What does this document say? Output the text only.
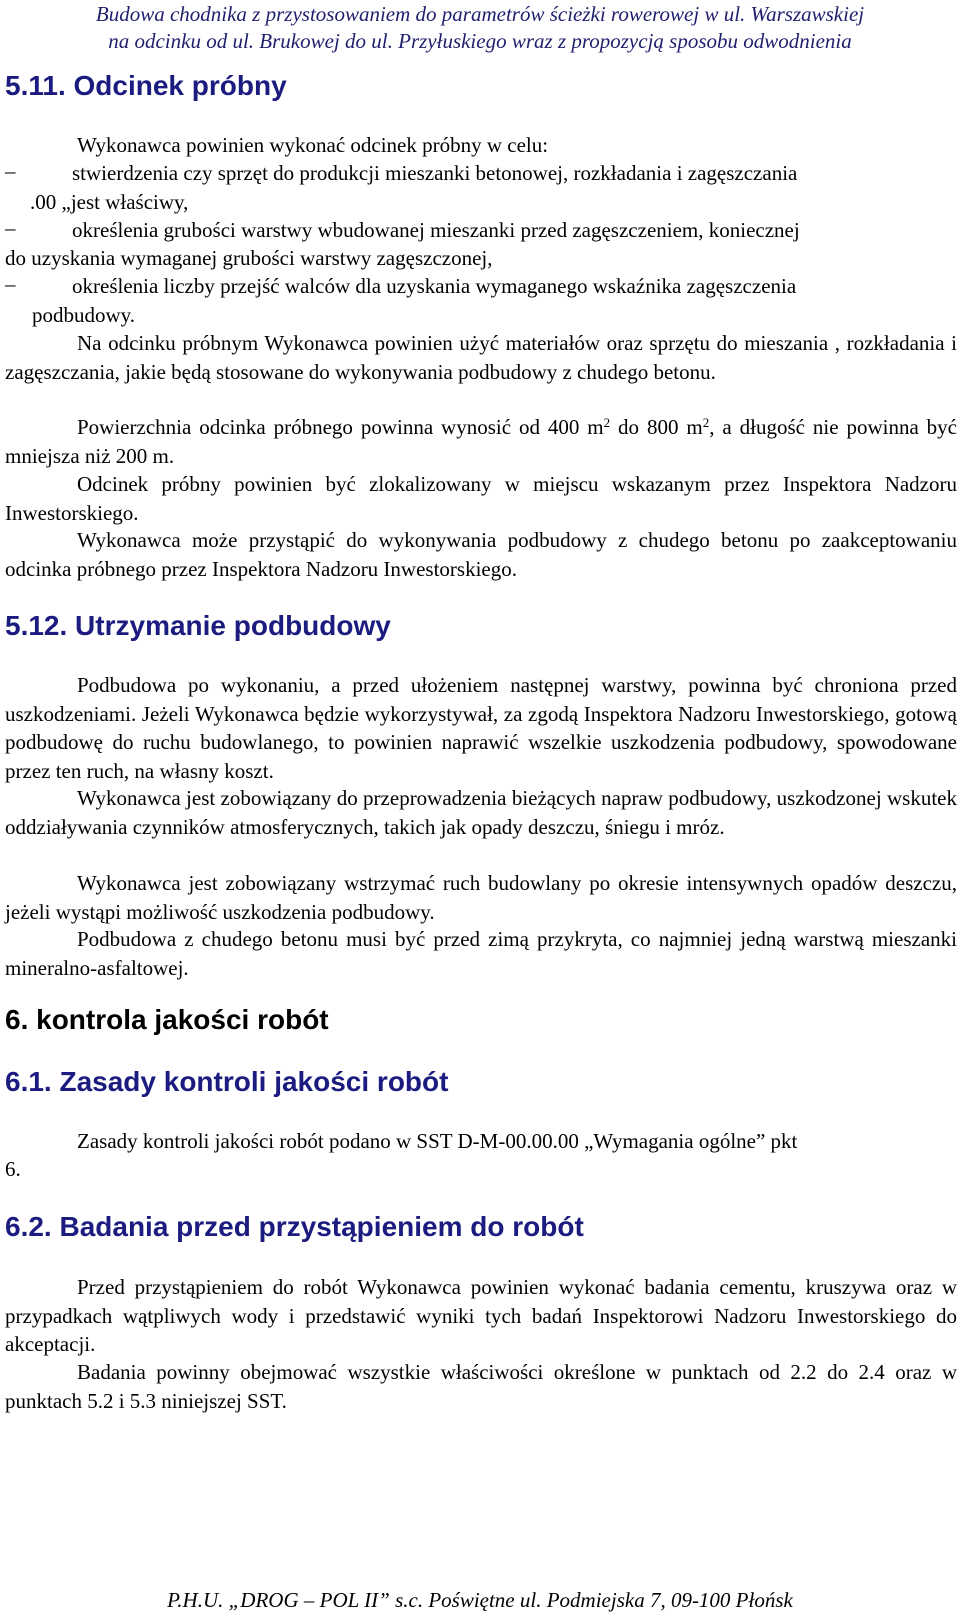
Budowa chodnika z przystosowaniem do parametrów ścieżki rowerowej w ul. Warszawskiej
na odcinku od ul. Brukowej do ul. Przyłuskiego wraz z propozycją sposobu odwodnienia
5.11. Odcinek próbny
Wykonawca powinien wykonać odcinek próbny w celu:
–	stwierdzenia czy sprzęt do produkcji mieszanki betonowej, rozkładania i zagęszczania
.00 „jest właściwy,
–	określenia grubości warstwy wbudowanej mieszanki przed zagęszczeniem, koniecznej
do uzyskania wymaganej grubości warstwy zagęszczonej,
–	określenia liczby przejść walców dla uzyskania wymaganego wskaźnika zagęszczenia
podbudowy.
Na odcinku próbnym Wykonawca powinien użyć materiałów oraz sprzętu do mieszania , rozkładania i zagęszczania, jakie będą stosowane do wykonywania podbudowy z chudego betonu.
Powierzchnia odcinka próbnego powinna wynosić od 400 $m^2$ do 800 $m^2$, a długość nie powinna być mniejsza niż 200 m.
Odcinek próbny powinien być zlokalizowany w miejscu wskazanym przez Inspektora Nadzoru Inwestorskiego.
Wykonawca może przystąpić do wykonywania podbudowy z chudego betonu po zaakceptowaniu odcinka próbnego przez Inspektora Nadzoru Inwestorskiego.
5.12. Utrzymanie podbudowy
Podbudowa po wykonaniu, a przed ułożeniem następnej warstwy, powinna być chroniona przed uszkodzeniami. Jeżeli Wykonawca będzie wykorzystywał, za zgodą Inspektora Nadzoru Inwestorskiego, gotową podbudowę do ruchu budowlanego, to powinien naprawić wszelkie uszkodzenia podbudowy, spowodowane przez ten ruch, na własny koszt.
Wykonawca jest zobowiązany do przeprowadzenia bieżących napraw podbudowy, uszkodzonej wskutek oddziaływania czynników atmosferycznych, takich jak opady deszczu, śniegu i mróz.
Wykonawca jest zobowiązany wstrzymać ruch budowlany po okresie intensywnych opadów deszczu, jeżeli wystąpi możliwość uszkodzenia podbudowy.
Podbudowa z chudego betonu musi być przed zimą przykryta, co najmniej jedną warstwą mieszanki mineralno-asfaltowej.
6. kontrola jakości robót
6.1. Zasady kontroli jakości robót
Zasady kontroli jakości robót podano w SST D-M-00.00.00 „Wymagania ogólne” pkt
6.
6.2. Badania przed przystąpieniem do robót
Przed przystąpieniem do robót Wykonawca powinien wykonać badania cementu, kruszywa oraz w przypadkach wątpliwych wody i przedstawić wyniki tych badań Inspektorowi Nadzoru Inwestorskiego do akceptacji.
Badania powinny obejmować wszystkie właściwości określone w punktach od 2.2 do 2.4 oraz w punktach 5.2 i 5.3 niniejszej SST.
P.H.U. „DROG – POL II” s.c. Poświętne ul. Podmiejska 7, 09-100 Płońsk
